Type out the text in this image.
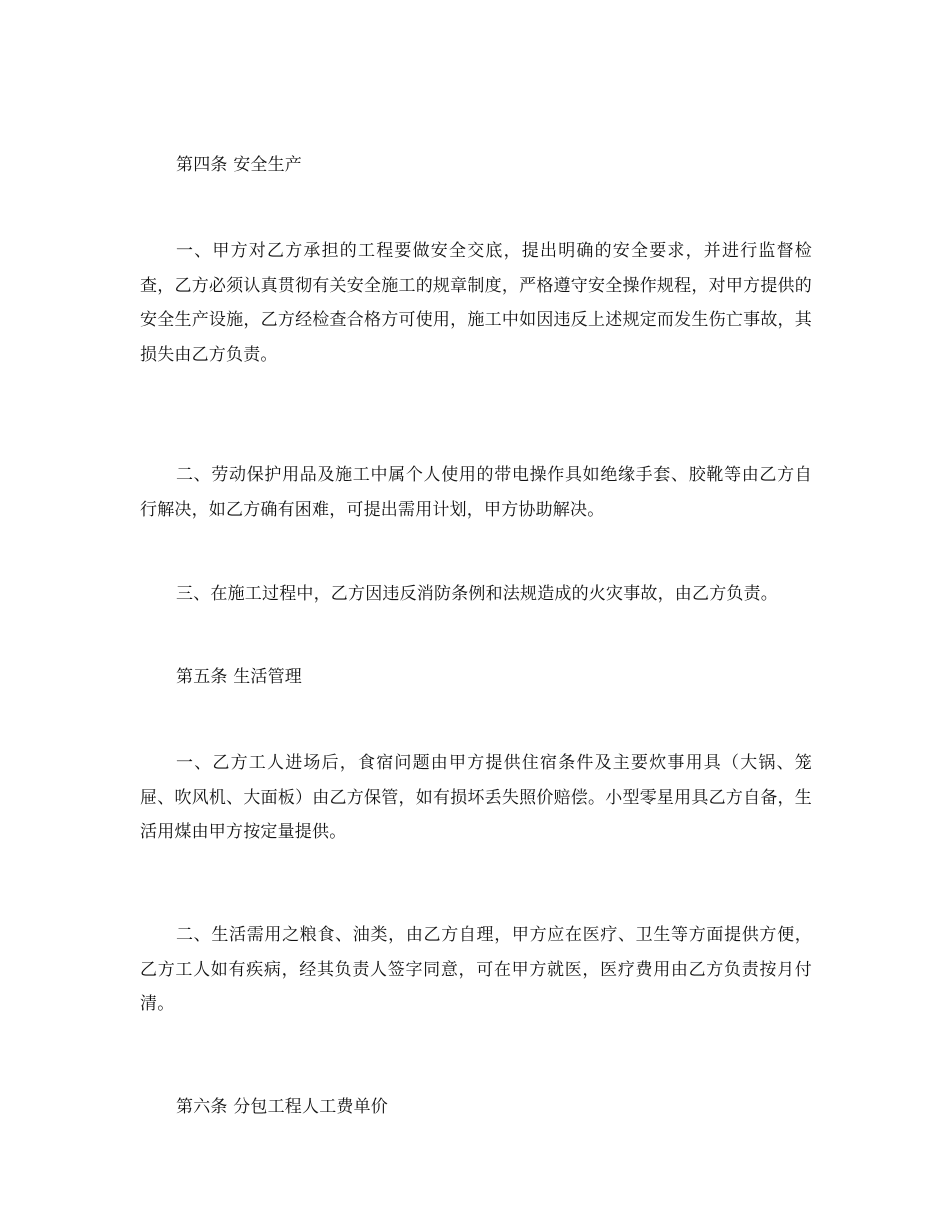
第四条 安全生产
一、甲方对乙方承担的工程要做安全交底，提出明确的安全要求，并进行监督检查，乙方必须认真贯彻有关安全施工的规章制度，严格遵守安全操作规程，对甲方提供的安全生产设施，乙方经检查合格方可使用，施工中如因违反上述规定而发生伤亡事故，其损失由乙方负责。
二、劳动保护用品及施工中属个人使用的带电操作具如绝缘手套、胶靴等由乙方自行解决，如乙方确有困难，可提出需用计划，甲方协助解决。
三、在施工过程中，乙方因违反消防条例和法规造成的火灾事故，由乙方负责。
第五条 生活管理
一、乙方工人进场后，食宿问题由甲方提供住宿条件及主要炊事用具（大锅、笼屉、吹风机、大面板）由乙方保管，如有损坏丢失照价赔偿。小型零星用具乙方自备，生活用煤由甲方按定量提供。
二、生活需用之粮食、油类，由乙方自理，甲方应在医疗、卫生等方面提供方便，乙方工人如有疾病，经其负责人签字同意，可在甲方就医，医疗费用由乙方负责按月付清。
第六条 分包工程人工费单价
